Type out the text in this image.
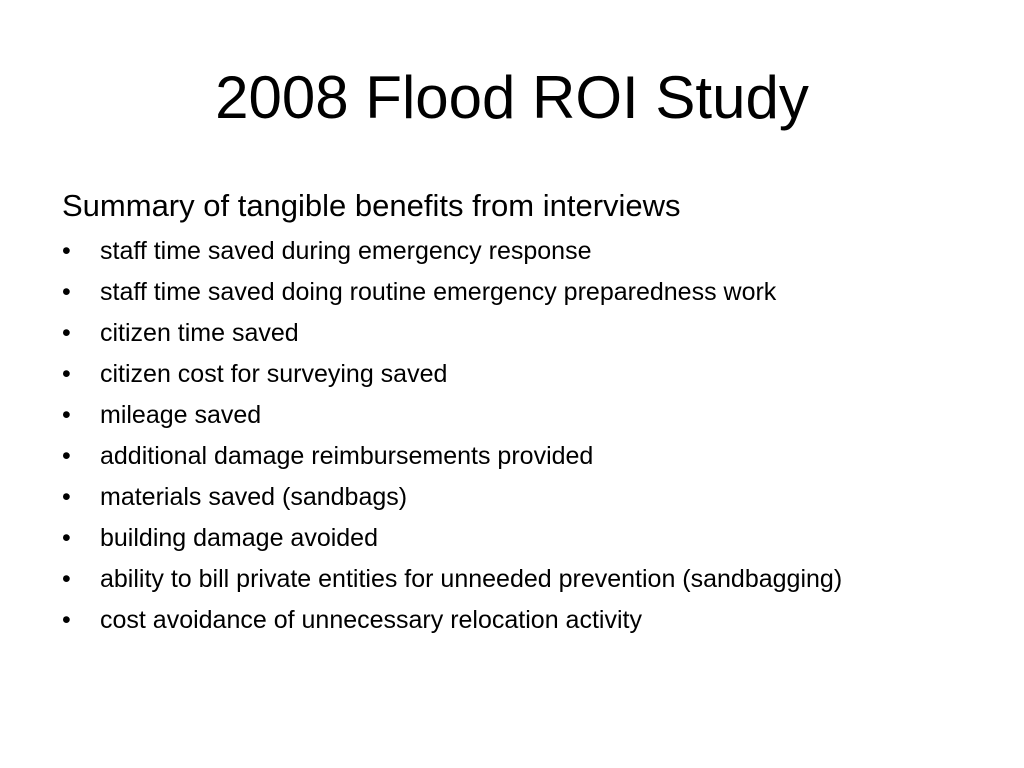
2008 Flood ROI Study
Summary of tangible benefits from interviews
•	staff time saved during emergency response
•	staff time saved doing routine emergency preparedness work
•	citizen time saved
•	citizen cost for surveying saved
•	mileage saved
•	additional damage reimbursements provided
•	materials saved (sandbags)
•	building damage avoided
•	ability to bill private entities for unneeded prevention (sandbagging)
•	cost avoidance of unnecessary relocation activity
